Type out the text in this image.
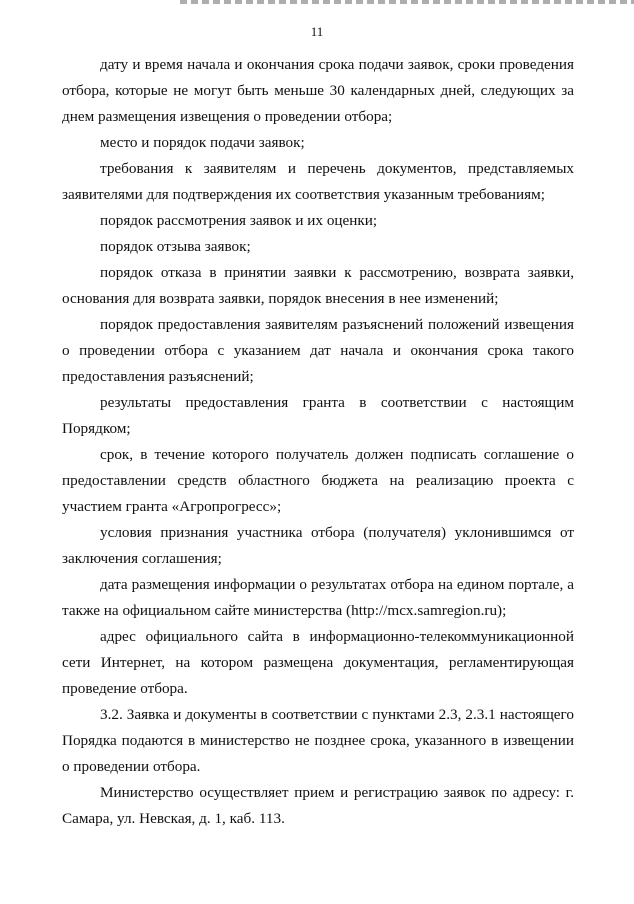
11

дату и время начала и окончания срока подачи заявок, сроки проведения отбора, которые не могут быть меньше 30 календарных дней, следующих за днем размещения извещения о проведении отбора;

место и порядок подачи заявок;

требования к заявителям и перечень документов, представляемых заявителями для подтверждения их соответствия указанным требованиям;

порядок рассмотрения заявок и их оценки;

порядок отзыва заявок;

порядок отказа в принятии заявки к рассмотрению, возврата заявки, основания для возврата заявки, порядок внесения в нее изменений;

порядок предоставления заявителям разъяснений положений извещения о проведении отбора с указанием дат начала и окончания срока такого предоставления разъяснений;

результаты предоставления гранта в соответствии с настоящим Порядком;

срок, в течение которого получатель должен подписать соглашение о предоставлении средств областного бюджета на реализацию проекта с участием гранта «Агропрогресс»;

условия признания участника отбора (получателя) уклонившимся от заключения соглашения;

дата размещения информации о результатах отбора на едином портале, а также на официальном сайте министерства (http://mcx.samregion.ru);

адрес официального сайта в информационно-телекоммуникационной сети Интернет, на котором размещена документация, регламентирующая проведение отбора.

3.2. Заявка и документы в соответствии с пунктами 2.3, 2.3.1 настоящего Порядка подаются в министерство не позднее срока, указанного в извещении о проведении отбора.

Министерство осуществляет прием и регистрацию заявок по адресу: г. Самара, ул. Невская, д. 1, каб. 113.
